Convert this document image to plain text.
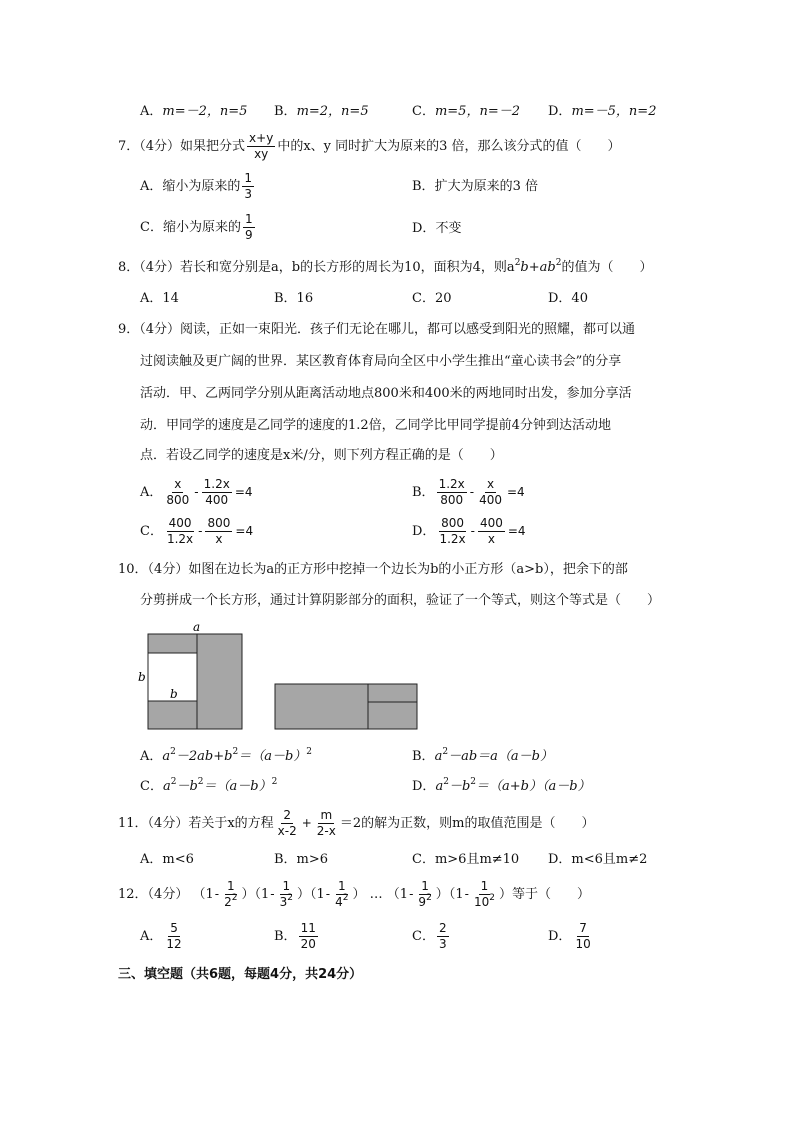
A．m=－2，n=5 B．m=2，n=5	C．m=5，n=－2 D．m=－5，n=2
7．（4分）如果把分式 $\frac{x+y}{xy}$ 中的x、y 同时扩大为原来的3 倍，那么该分式的值（　　）
A．缩小为原来的 $\frac{1}{3}$	B．扩大为原来的3 倍
C．缩小为原来的 $\frac{1}{9}$	D．不变
8．（4分）若长和宽分别是a，b的长方形的周长为10，面积为4，则$a^2b+ab^2$的值为（　　）
A．14	B．16	C．20	D．40
9．（4分）阅读，正如一束阳光．孩子们无论在哪儿，都可以感受到阳光的照耀，都可以通
过阅读触及更广阔的世界．某区教育体育局向全区中小学生推出“童心读书会”的分享
活动．甲、乙两同学分别从距离活动地点800米和400米的两地同时出发，参加分享活
动．甲同学的速度是乙同学的速度的1.2倍，乙同学比甲同学提前4分钟到达活动地
点．若设乙同学的速度是x米/分，则下列方程正确的是（　　）
A． $\frac{x}{800} - \frac{1.2x}{400} =4$	B． $\frac{1.2x}{800} - \frac{x}{400} =4$
C． $\frac{400}{1.2x} - \frac{800}{x} =4$	D． $\frac{800}{1.2x} - \frac{400}{x} =4$
10．（4分）如图在边长为a的正方形中挖掉一个边长为b的小正方形（a>b），把余下的部
分剪拼成一个长方形，通过计算阴影部分的面积，验证了一个等式，则这个等式是（　　）
a
b
b
A．$a^2-2ab+b^2=(a-b)^2$	B．$a^2-ab=a(a-b)$
C．$a^2-b^2=(a-b)^2$	D．$a^2-b^2=(a+b)(a-b)$
11．（4分）若关于x的方程 $\frac{2}{x-2} + \frac{m}{2-x} =2$的解为正数，则m的取值范围是（　　）
A．m<6	B．m>6	C．m>6且m≠10 D．m<6且m≠2
12．（4分） $(1- \frac{1}{2^2} )(1- \frac{1}{3^2} )(1- \frac{1}{4^2}$ ） … $(1- \frac{1}{9^2} )(1- \frac{1}{10^2}$ ）等于（　　）
A． $\frac{5}{12}$	B． $\frac{11}{20}$	C． $\frac{2}{3}$	D． $\frac{7}{10}$
三、填空题（共6题，每题4分，共24分）
